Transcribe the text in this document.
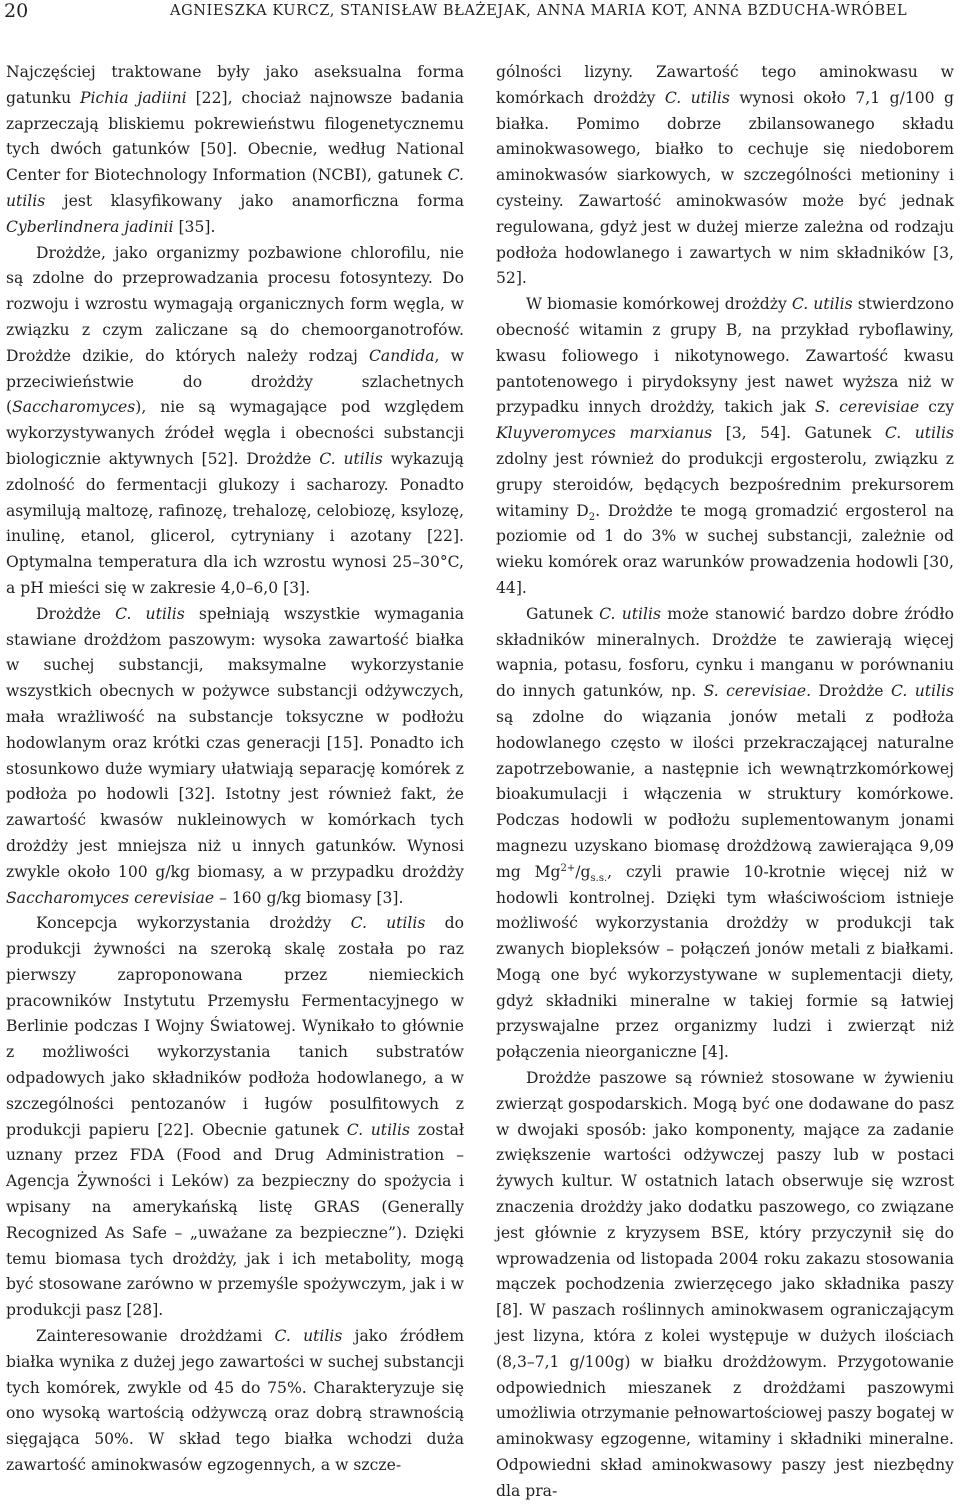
20	AGNIESZKA KURCZ, STANISŁAW BŁAŻEJAK, ANNA MARIA KOT, ANNA BZDUCHA-WRÓBEL

Najczęściej traktowane były jako aseksualna forma gatunku Pichia jadiini [22], chociaż najnowsze badania zaprzeczają bliskiemu pokrewieństwu filogenetycznemu tych dwóch gatunków [50]. Obecnie, według National Center for Biotechnology Information (NCBI), gatunek C. utilis jest klasyfikowany jako anamorficzna forma Cyberlindnera jadinii [35].

Drożdże, jako organizmy pozbawione chlorofilu, nie są zdolne do przeprowadzania procesu fotosyntezy. Do rozwoju i wzrostu wymagają organicznych form węgla, w związku z czym zaliczane są do chemoorganotrofów. Drożdże dzikie, do których należy rodzaj Candida, w przeciwieństwie do drożdży szlachetnych (Saccharomyces), nie są wymagające pod względem wykorzystywanych źródeł węgla i obecności substancji biologicznie aktywnych [52]. Drożdże C. utilis wykazują zdolność do fermentacji glukozy i sacharozy. Ponadto asymilują maltozę, rafinozę, trehalozę, celobiozę, ksylozę, inulinę, etanol, glicerol, cytryniany i azotany [22]. Optymalna temperatura dla ich wzrostu wynosi 25–30°C, a pH mieści się w zakresie 4,0–6,0 [3].

Drożdże C. utilis spełniają wszystkie wymagania stawiane drożdżom paszowym: wysoka zawartość białka w suchej substancji, maksymalne wykorzystanie wszystkich obecnych w pożywce substancji odżywczych, mała wrażliwość na substancje toksyczne w podłożu hodowlanym oraz krótki czas generacji [15]. Ponadto ich stosunkowo duże wymiary ułatwiają separację komórek z podłoża po hodowli [32]. Istotny jest również fakt, że zawartość kwasów nukleinowych w komórkach tych drożdży jest mniejsza niż u innych gatunków. Wynosi zwykle około 100 g/kg biomasy, a w przypadku drożdży Saccharomyces cerevisiae – 160 g/kg biomasy [3].

Koncepcja wykorzystania drożdży C. utilis do produkcji żywności na szeroką skalę została po raz pierwszy zaproponowana przez niemieckich pracowników Instytutu Przemysłu Fermentacyjnego w Berlinie podczas I Wojny Światowej. Wynikało to głównie z możliwości wykorzystania tanich substratów odpadowych jako składników podłoża hodowlanego, a w szczególności pentozanów i ługów posulfitowych z produkcji papieru [22]. Obecnie gatunek C. utilis został uznany przez FDA (Food and Drug Administration – Agencja Żywności i Leków) za bezpieczny do spożycia i wpisany na amerykańską listę GRAS (Generally Recognized As Safe – „uważane za bezpieczne”). Dzięki temu biomasa tych drożdży, jak i ich metabolity, mogą być stosowane zarówno w przemyśle spożywczym, jak i w produkcji pasz [28].

Zainteresowanie drożdżami C. utilis jako źródłem białka wynika z dużej jego zawartości w suchej substancji tych komórek, zwykle od 45 do 75%. Charakteryzuje się ono wysoką wartością odżywczą oraz dobrą strawnością sięgająca 50%. W skład tego białka wchodzi duża zawartość aminokwasów egzogennych, a w szcze-

gólności lizyny. Zawartość tego aminokwasu w komórkach drożdży C. utilis wynosi około 7,1 g/100 g białka. Pomimo dobrze zbilansowanego składu aminokwasowego, białko to cechuje się niedoborem aminokwasów siarkowych, w szczególności metioniny i cysteiny. Zawartość aminokwasów może być jednak regulowana, gdyż jest w dużej mierze zależna od rodzaju podłoża hodowlanego i zawartych w nim składników [3, 52].

W biomasie komórkowej drożdży C. utilis stwierdzono obecność witamin z grupy B, na przykład ryboflawiny, kwasu foliowego i nikotynowego. Zawartość kwasu pantotenowego i pirydoksyny jest nawet wyższa niż w przypadku innych drożdży, takich jak S. cerevisiae czy Kluyveromyces marxianus [3, 54]. Gatunek C. utilis zdolny jest również do produkcji ergosterolu, związku z grupy steroidów, będących bezpośrednim prekursorem witaminy $D_2$. Drożdże te mogą gromadzić ergosterol na poziomie od 1 do 3% w suchej substancji, zależnie od wieku komórek oraz warunków prowadzenia hodowli [30, 44].

Gatunek C. utilis może stanowić bardzo dobre źródło składników mineralnych. Drożdże te zawierają więcej wapnia, potasu, fosforu, cynku i manganu w porównaniu do innych gatunków, np. S. cerevisiae. Drożdże C. utilis są zdolne do wiązania jonów metali z podłoża hodowlanego często w ilości przekraczającej naturalne zapotrzebowanie, a następnie ich wewnątrzkomórkowej bioakumulacji i włączenia w struktury komórkowe. Podczas hodowli w podłożu suplementowanym jonami magnezu uzyskano biomasę drożdżową zawierająca 9,09 mg $Mg^{2+}/g_{s.s.}$, czyli prawie 10-krotnie więcej niż w hodowli kontrolnej. Dzięki tym właściwościom istnieje możliwość wykorzystania drożdży w produkcji tak zwanych biopleksów – połączeń jonów metali z białkami. Mogą one być wykorzystywane w suplementacji diety, gdyż składniki mineralne w takiej formie są łatwiej przyswajalne przez organizmy ludzi i zwierząt niż połączenia nieorganiczne [4].

Drożdże paszowe są również stosowane w żywieniu zwierząt gospodarskich. Mogą być one dodawane do pasz w dwojaki sposób: jako komponenty, mające za zadanie zwiększenie wartości odżywczej paszy lub w postaci żywych kultur. W ostatnich latach obserwuje się wzrost znaczenia drożdży jako dodatku paszowego, co związane jest głównie z kryzysem BSE, który przyczynił się do wprowadzenia od listopada 2004 roku zakazu stosowania mączek pochodzenia zwierzęcego jako składnika paszy [8]. W paszach roślinnych aminokwasem ograniczającym jest lizyna, która z kolei występuje w dużych ilościach (8,3–7,1 g/100g) w białku drożdżowym. Przygotowanie odpowiednich mieszanek z drożdżami paszowymi umożliwia otrzymanie pełnowartościowej paszy bogatej w aminokwasy egzogenne, witaminy i składniki mineralne. Odpowiedni skład aminokwasowy paszy jest niezbędny dla pra-
